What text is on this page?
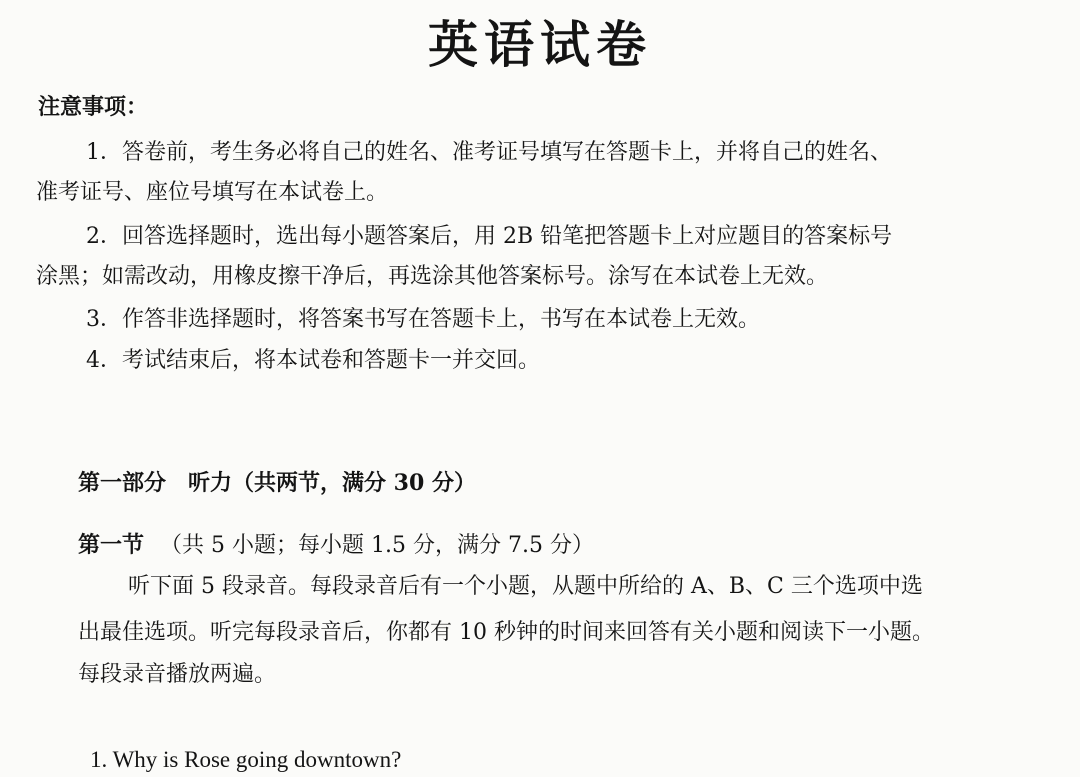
英语试卷
注意事项：
1．答卷前，考生务必将自己的姓名、准考证号填写在答题卡上，并将自己的姓名、
准考证号、座位号填写在本试卷上。
2．回答选择题时，选出每小题答案后，用 2B 铅笔把答题卡上对应题目的答案标号
涂黑；如需改动，用橡皮擦干净后，再选涂其他答案标号。涂写在本试卷上无效。
3．作答非选择题时，将答案书写在答题卡上，书写在本试卷上无效。
4．考试结束后，将本试卷和答题卡一并交回。
第一部分 听力（共两节，满分 30 分）
第一节 （共 5 小题；每小题 1.5 分，满分 7.5 分）
听下面 5 段录音。每段录音后有一个小题，从题中所给的 A、B、C 三个选项中选
出最佳选项。听完每段录音后，你都有 10 秒钟的时间来回答有关小题和阅读下一小题。
每段录音播放两遍。
1. Why is Rose going downtown?
